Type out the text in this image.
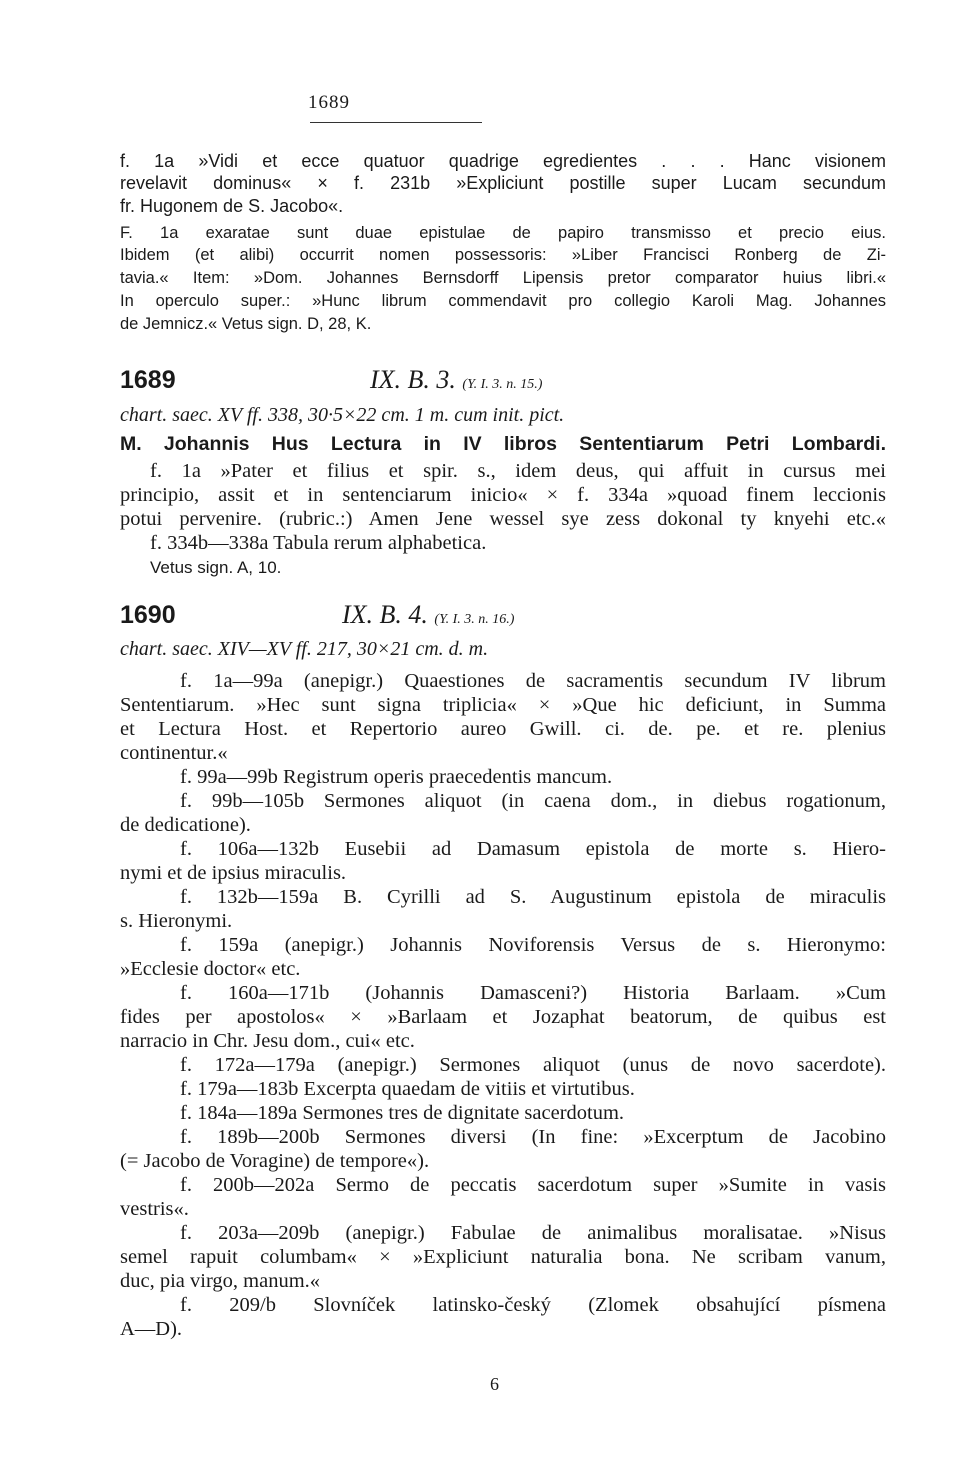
1689
f. 1a »Vidi et ecce quatuor quadrige egredientes . . . Hanc visionem
revelavit dominus« × f. 231b »Expliciunt postille super Lucam secundum
fr. Hugonem de S. Jacobo«.
F. 1a exaratae sunt duae epistulae de papiro transmisso et precio eius.
Ibidem (et alibi) occurrit nomen possessoris: »Liber Francisci Ronberg de Zi-
tavia.« Item: »Dom. Johannes Bernsdorff Lipensis pretor comparator huius libri.«
In operculo super.: »Hunc librum commendavit pro collegio Karoli Mag. Johannes
de Jemnicz.« Vetus sign. D, 28, K.
1689	IX. B. 3. (Y. I. 3. n. 15.)
chart. saec. XV ff. 338, 30·5×22 cm. 1 m. cum init. pict.
M. Johannis Hus Lectura in IV libros Sententiarum Petri Lombardi.
f. 1a »Pater et filius et spir. s., idem deus, qui affuit in cursus mei
principio, assit et in sentenciarum inicio« × f. 334a »quoad finem leccionis
potui pervenire. (rubric.:) Amen Jene wessel sye zess dokonal ty knyehi etc.«
f. 334b—338a Tabula rerum alphabetica.
Vetus sign. A, 10.
1690	IX. B. 4. (Y. I. 3. n. 16.)
chart. saec. XIV—XV ff. 217, 30×21 cm. d. m.
f. 1a—99a (anepigr.) Quaestiones de sacramentis secundum IV librum
Sententiarum. »Hec sunt signa triplicia« × »Que hic deficiunt, in Summa
et Lectura Host. et Repertorio aureo Gwill. ci. de. pe. et re. plenius
continentur.«
f. 99a—99b Registrum operis praecedentis mancum.
f. 99b—105b Sermones aliquot (in caena dom., in diebus rogationum,
de dedicatione).
f. 106a—132b Eusebii ad Damasum epistola de morte s. Hiero-
nymi et de ipsius miraculis.
f. 132b—159a B. Cyrilli ad S. Augustinum epistola de miraculis
s. Hieronymi.
f. 159a (anepigr.) Johannis Noviforensis Versus de s. Hieronymo:
»Ecclesie doctor« etc.
f. 160a—171b (Johannis Damasceni?) Historia Barlaam. »Cum
fides per apostolos« × »Barlaam et Jozaphat beatorum, de quibus est
narracio in Chr. Jesu dom., cui« etc.
f. 172a—179a (anepigr.) Sermones aliquot (unus de novo sacerdote).
f. 179a—183b Excerpta quaedam de vitiis et virtutibus.
f. 184a—189a Sermones tres de dignitate sacerdotum.
f. 189b—200b Sermones diversi (In fine: »Excerptum de Jacobino
(= Jacobo de Voragine) de tempore«).
f. 200b—202a Sermo de peccatis sacerdotum super »Sumite in vasis
vestris«.
f. 203a—209b (anepigr.) Fabulae de animalibus moralisatae. »Nisus
semel rapuit columbam« × »Expliciunt naturalia bona. Ne scribam vanum,
duc, pia virgo, manum.«
f. 209/b Slovníček latinsko-český (Zlomek obsahující písmena
A—D).
6
